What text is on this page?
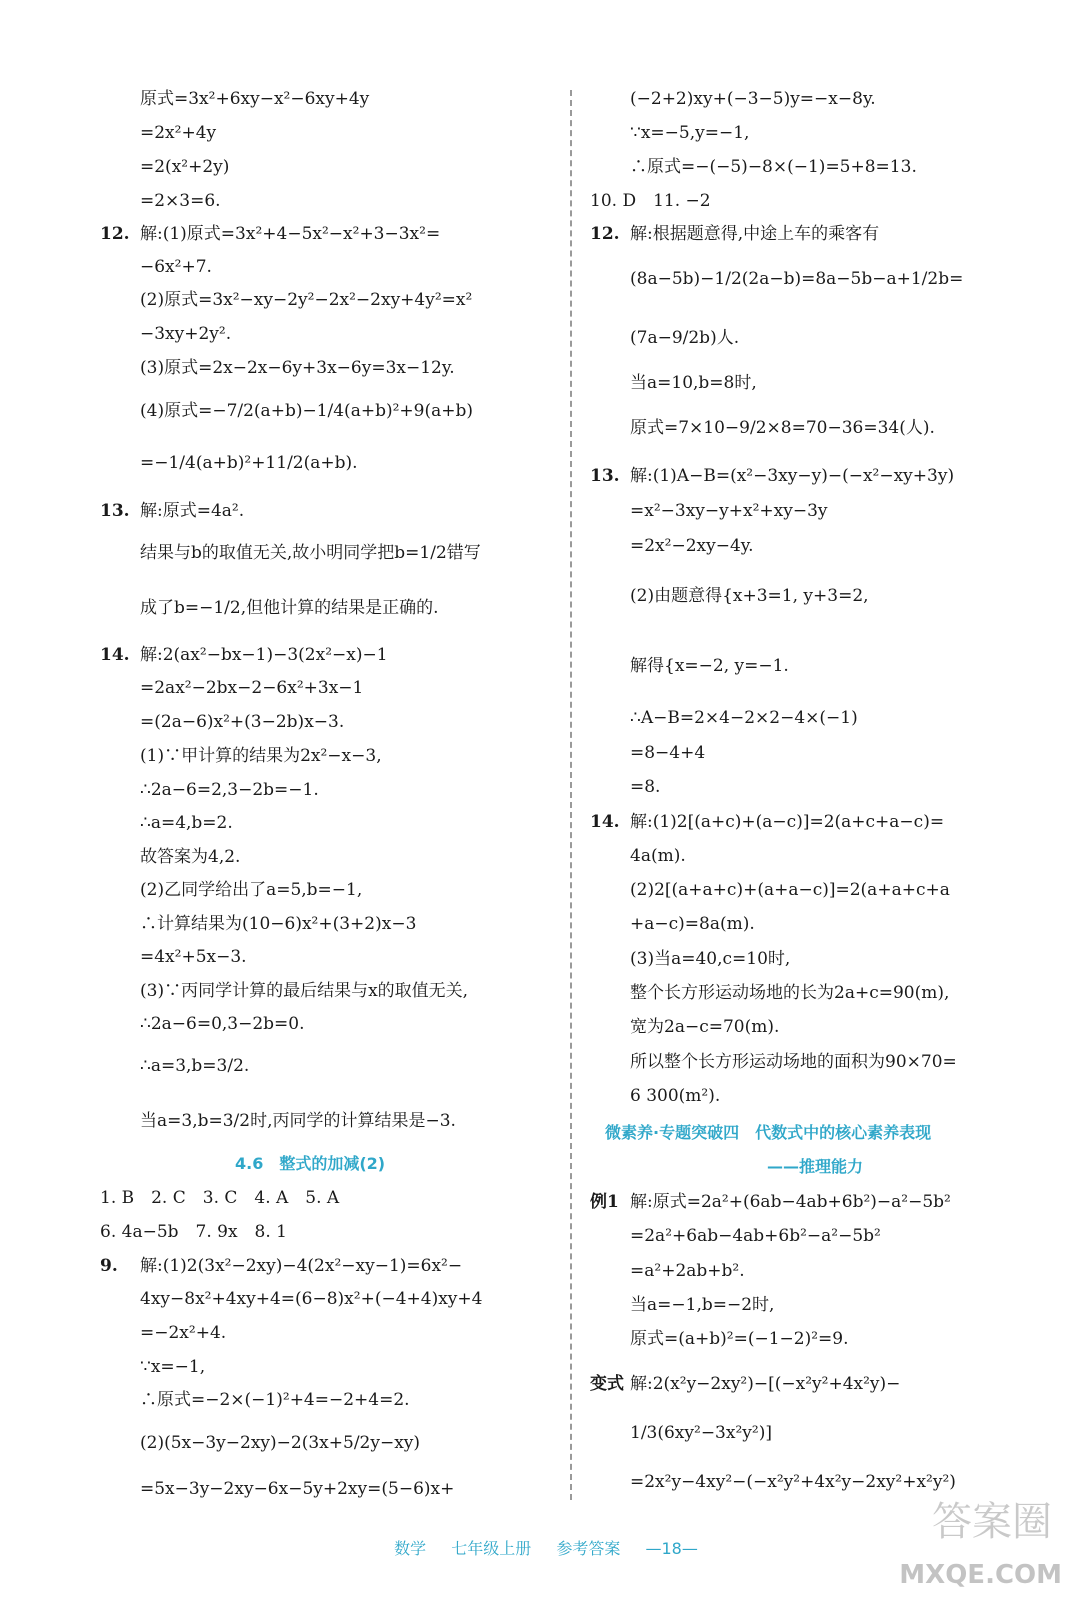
原式=3x²+6xy−x²−6xy+4y
=2x²+4y
=2(x²+2y)
=2×3=6.
12. 解:(1)原式=3x²+4−5x²−x²+3−3x²=
−6x²+7.
(2)原式=3x²−xy−2y²−2x²−2xy+4y²=x²
−3xy+2y².
(3)原式=2x−2x−6y+3x−6y=3x−12y.
(4)原式=−7/2(a+b)−1/4(a+b)²+9(a+b)
=−1/4(a+b)²+11/2(a+b).
13. 解:原式=4a².
结果与b的取值无关,故小明同学把b=1/2错写
成了b=−1/2,但他计算的结果是正确的.
14. 解:2(ax²−bx−1)−3(2x²−x)−1
=2ax²−2bx−2−6x²+3x−1
=(2a−6)x²+(3−2b)x−3.
(1)∵甲计算的结果为2x²−x−3,
∴2a−6=2,3−2b=−1.
∴a=4,b=2.
故答案为4,2.
(2)乙同学给出了a=5,b=−1,
∴计算结果为(10−6)x²+(3+2)x−3
=4x²+5x−3.
(3)∵丙同学计算的最后结果与x的取值无关,
∴2a−6=0,3−2b=0.
∴a=3,b=3/2.
当a=3,b=3/2时,丙同学的计算结果是−3.
4.6　整式的加减(2)
1. B　2. C　3. C　4. A　5. A
6. 4a−5b　7. 9x　8. 1
9. 解:(1)2(3x²−2xy)−4(2x²−xy−1)=6x²−
4xy−8x²+4xy+4=(6−8)x²+(−4+4)xy+4
=−2x²+4.
∵x=−1,
∴原式=−2×(−1)²+4=−2+4=2.
(2)(5x−3y−2xy)−2(3x+5/2y−xy)
=5x−3y−2xy−6x−5y+2xy=(5−6)x+
(−2+2)xy+(−3−5)y=−x−8y.
∵x=−5,y=−1,
∴原式=−(−5)−8×(−1)=5+8=13.
10. D　11. −2
12. 解:根据题意得,中途上车的乘客有
(8a−5b)−1/2(2a−b)=8a−5b−a+1/2b=
(7a−9/2b)人.
当a=10,b=8时,
原式=7×10−9/2×8=70−36=34(人).
13. 解:(1)A−B=(x²−3xy−y)−(−x²−xy+3y)
=x²−3xy−y+x²+xy−3y
=2x²−2xy−4y.
(2)由题意得{x+3=1, y+3=2,
解得{x=−2, y=−1.
∴A−B=2×4−2×2−4×(−1)
=8−4+4
=8.
14. 解:(1)2[(a+c)+(a−c)]=2(a+c+a−c)=
4a(m).
(2)2[(a+a+c)+(a+a−c)]=2(a+a+c+a
+a−c)=8a(m).
(3)当a=40,c=10时,
整个长方形运动场地的长为2a+c=90(m),
宽为2a−c=70(m).
所以整个长方形运动场地的面积为90×70=
6 300(m²).
微素养·专题突破四　代数式中的核心素养表现
——推理能力
例1 解:原式=2a²+(6ab−4ab+6b²)−a²−5b²
=2a²+6ab−4ab+6b²−a²−5b²
=a²+2ab+b².
当a=−1,b=−2时,
原式=(a+b)²=(−1−2)²=9.
变式 解:2(x²y−2xy²)−[(−x²y²+4x²y)−
1/3(6xy²−3x²y²)]
=2x²y−4xy²−(−x²y²+4x²y−2xy²+x²y²)
数学 七年级上册 参考答案 —18—
答案圈
MXQE.COM
